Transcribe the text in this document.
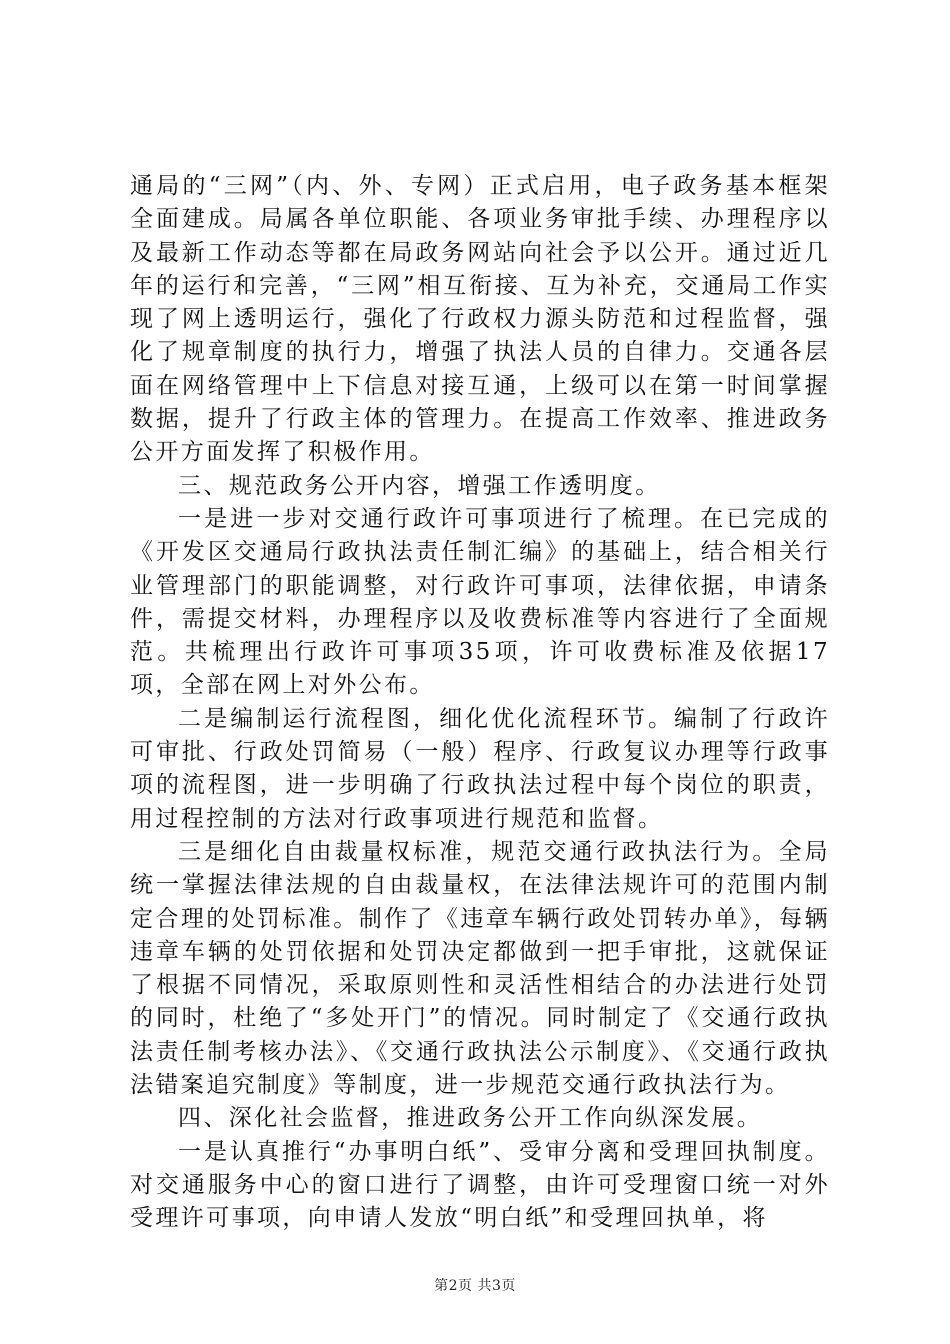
通局的“三网”（内、外、专网）正式启用，电子政务基本框架全面建成。局属各单位职能、各项业务审批手续、办理程序以及最新工作动态等都在局政务网站向社会予以公开。通过近几年的运行和完善，“三网”相互衔接、互为补充，交通局工作实现了网上透明运行，强化了行政权力源头防范和过程监督，强化了规章制度的执行力，增强了执法人员的自律力。交通各层面在网络管理中上下信息对接互通，上级可以在第一时间掌握数据，提升了行政主体的管理力。在提高工作效率、推进政务公开方面发挥了积极作用。

三、规范政务公开内容，增强工作透明度。

一是进一步对交通行政许可事项进行了梳理。在已完成的《开发区交通局行政执法责任制汇编》的基础上，结合相关行业管理部门的职能调整，对行政许可事项，法律依据，申请条件，需提交材料，办理程序以及收费标准等内容进行了全面规范。共梳理出行政许可事项35项，许可收费标准及依据17项，全部在网上对外公布。

二是编制运行流程图，细化优化流程环节。编制了行政许可审批、行政处罚简易（一般）程序、行政复议办理等行政事项的流程图，进一步明确了行政执法过程中每个岗位的职责，用过程控制的方法对行政事项进行规范和监督。

三是细化自由裁量权标准，规范交通行政执法行为。全局统一掌握法律法规的自由裁量权，在法律法规许可的范围内制定合理的处罚标准。制作了《违章车辆行政处罚转办单》，每辆违章车辆的处罚依据和处罚决定都做到一把手审批，这就保证了根据不同情况，采取原则性和灵活性相结合的办法进行处罚的同时，杜绝了“多处开门”的情况。同时制定了《交通行政执法责任制考核办法》、《交通行政执法公示制度》、《交通行政执法错案追究制度》等制度，进一步规范交通行政执法行为。

四、深化社会监督，推进政务公开工作向纵深发展。

一是认真推行“办事明白纸”、受审分离和受理回执制度。对交通服务中心的窗口进行了调整，由许可受理窗口统一对外受理许可事项，向申请人发放“明白纸”和受理回执单，将

第2页 共3页
